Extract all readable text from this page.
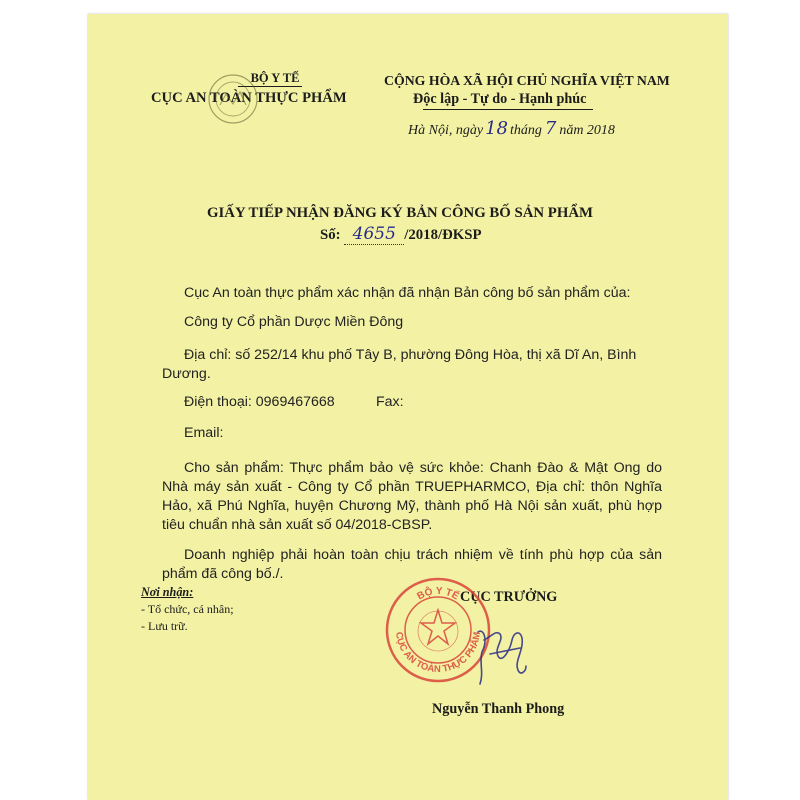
BỘ Y TẾ
CỤC AN TOÀN THỰC PHẨM
CỘNG HÒA XÃ HỘI CHỦ NGHĨA VIỆT NAM
Độc lập - Tự do - Hạnh phúc
Hà Nội, ngày 18 tháng 7 năm 2018
GIẤY TIẾP NHẬN ĐĂNG KÝ BẢN CÔNG BỐ SẢN PHẨM
Số: 4655 /2018/ĐKSP
Cục An toàn thực phẩm xác nhận đã nhận Bản công bố sản phẩm của:
Công ty Cổ phần Dược Miền Đông
Địa chỉ: số 252/14 khu phố Tây B, phường Đông Hòa, thị xã Dĩ An, Bình
Dương.
Điện thoại: 0969467668	Fax:
Email:
Cho sản phẩm: Thực phẩm bảo vệ sức khỏe: Chanh Đào & Mật Ong do Nhà máy sản xuất - Công ty Cổ phần TRUEPHARMCO, Địa chỉ: thôn Nghĩa Hảo, xã Phú Nghĩa, huyện Chương Mỹ, thành phố Hà Nội sản xuất, phù hợp tiêu chuẩn nhà sản xuất số 04/2018-CBSP.
Doanh nghiệp phải hoàn toàn chịu trách nhiệm về tính phù hợp của sản phẩm đã công bố./.
Nơi nhận:
- Tổ chức, cá nhân;
- Lưu trữ.
CỤC TRƯỞNG
BỘ Y TẾ
CỤC AN TOÀN THỰC PHẨM
Nguyễn Thanh Phong
